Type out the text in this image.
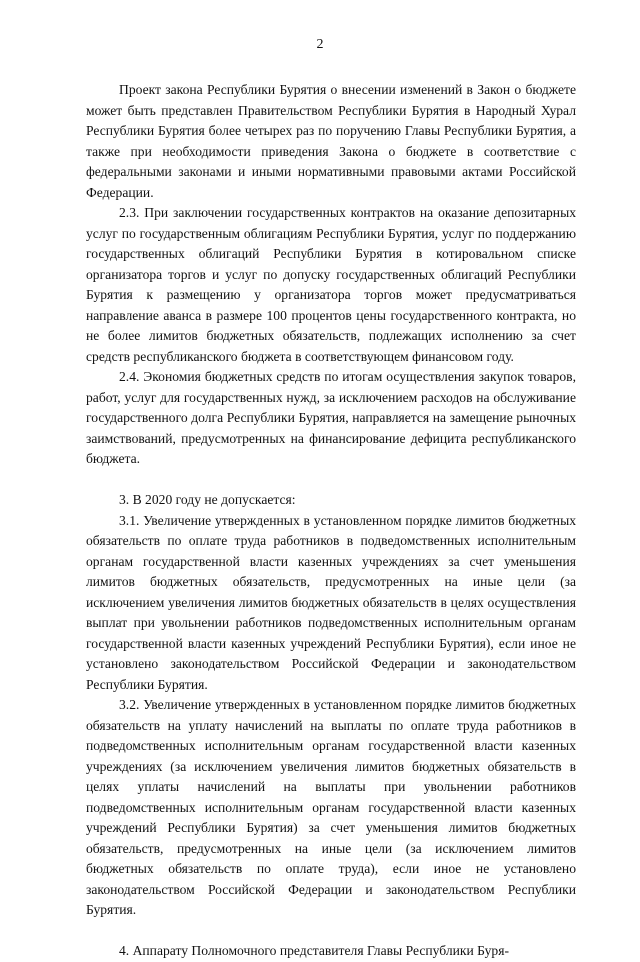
2

Проект закона Республики Бурятия о внесении изменений в Закон о бюджете может быть представлен Правительством Республики Бурятия в Народный Хурал Республики Бурятия более четырех раз по поручению Главы Республики Бурятия, а также при необходимости приведения Закона о бюджете в соответствие с федеральными законами и иными нормативными правовыми актами Российской Федерации.

2.3. При заключении государственных контрактов на оказание депозитарных услуг по государственным облигациям Республики Бурятия, услуг по поддержанию государственных облигаций Республики Бурятия в котировальном списке организатора торгов и услуг по допуску государственных облигаций Республики Бурятия к размещению у организатора торгов может предусматриваться направление аванса в размере 100 процентов цены государственного контракта, но не более лимитов бюджетных обязательств, подлежащих исполнению за счет средств республиканского бюджета в соответствующем финансовом году.

2.4. Экономия бюджетных средств по итогам осуществления закупок товаров, работ, услуг для государственных нужд, за исключением расходов на обслуживание государственного долга Республики Бурятия, направляется на замещение рыночных заимствований, предусмотренных на финансирование дефицита республиканского бюджета.

3. В 2020 году не допускается:

3.1. Увеличение утвержденных в установленном порядке лимитов бюджетных обязательств по оплате труда работников в подведомственных исполнительным органам государственной власти казенных учреждениях за счет уменьшения лимитов бюджетных обязательств, предусмотренных на иные цели (за исключением увеличения лимитов бюджетных обязательств в целях осуществления выплат при увольнении работников подведомственных исполнительным органам государственной власти казенных учреждений Республики Бурятия), если иное не установлено законодательством Российской Федерации и законодательством Республики Бурятия.

3.2. Увеличение утвержденных в установленном порядке лимитов бюджетных обязательств на уплату начислений на выплаты по оплате труда работников в подведомственных исполнительным органам государственной власти казенных учреждениях (за исключением увеличения лимитов бюджетных обязательств в целях уплаты начислений на выплаты при увольнении работников подведомственных исполнительным органам государственной власти казенных учреждений Республики Бурятия) за счет уменьшения лимитов бюджетных обязательств, предусмотренных на иные цели (за исключением лимитов бюджетных обязательств по оплате труда), если иное не установлено законодательством Российской Федерации и законодательством Республики Бурятия.

4. Аппарату Полномочного представителя Главы Республики Буря-
